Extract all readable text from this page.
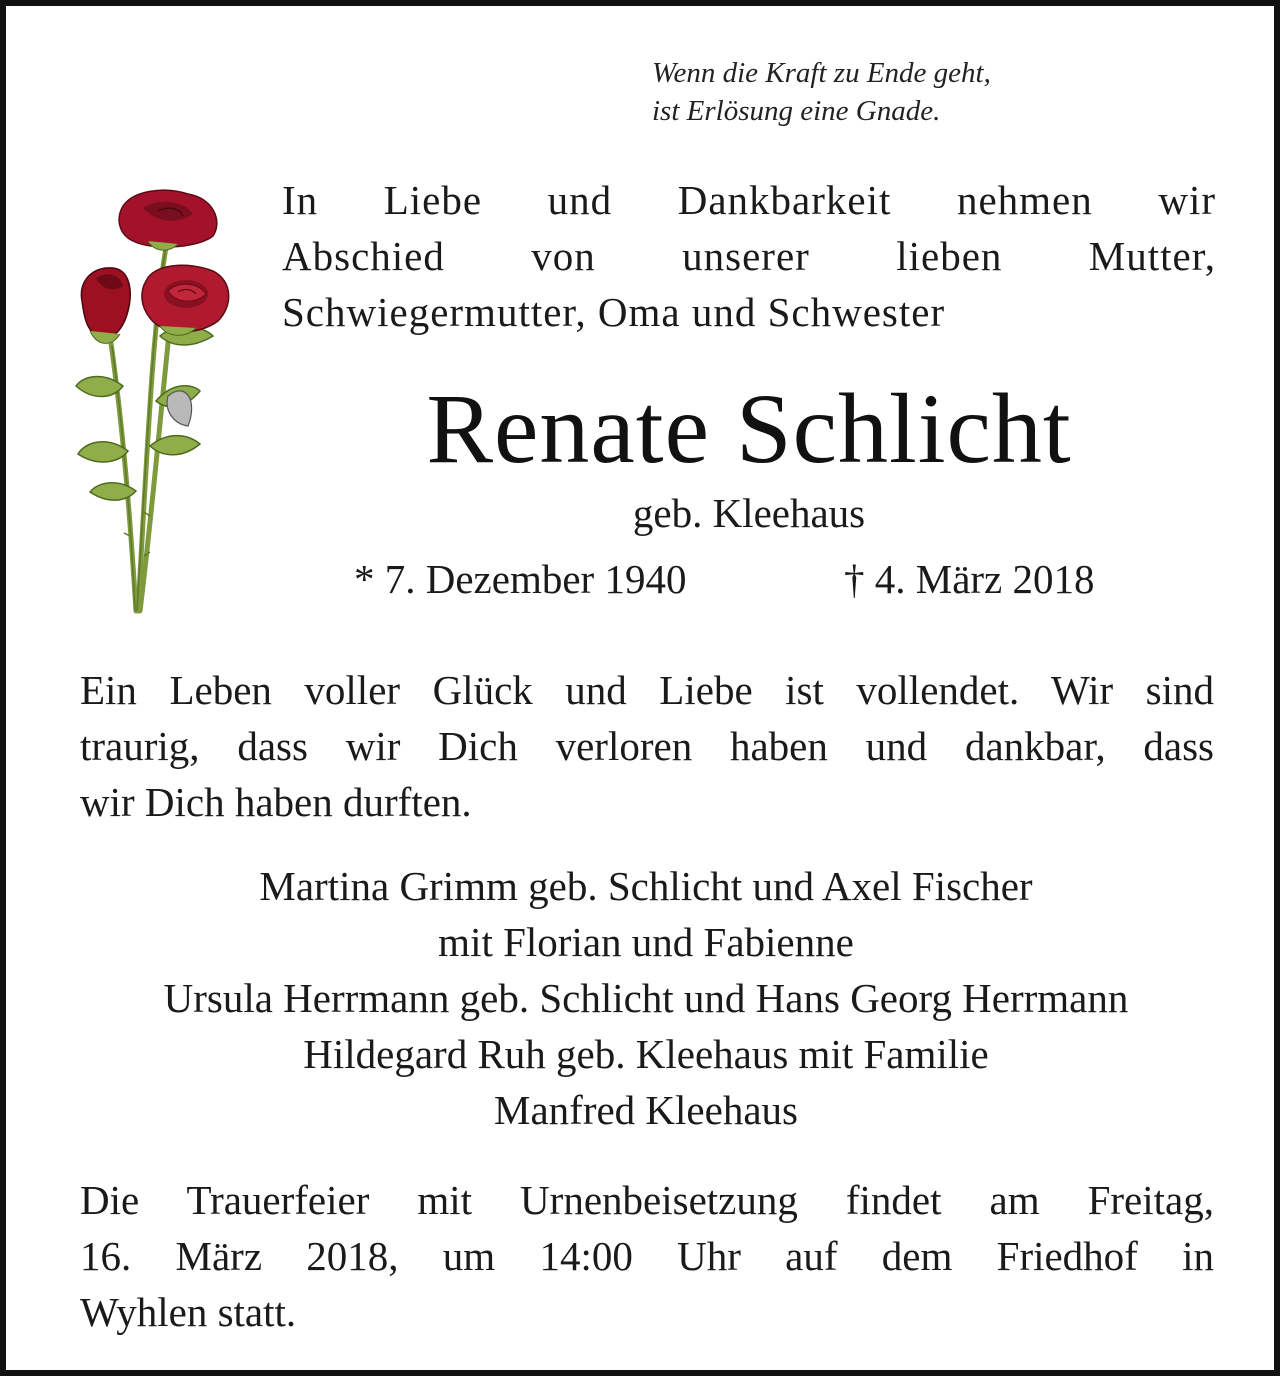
Wenn die Kraft zu Ende geht,
ist Erlösung eine Gnade.
In Liebe und Dankbarkeit nehmen wir
Abschied von unserer lieben Mutter,
Schwiegermutter, Oma und Schwester
Renate Schlicht
geb. Kleehaus
* 7. Dezember 1940	† 4. März 2018
Ein Leben voller Glück und Liebe ist vollendet. Wir sind
traurig, dass wir Dich verloren haben und dankbar, dass
wir Dich haben durften.
Martina Grimm geb. Schlicht und Axel Fischer
mit Florian und Fabienne
Ursula Herrmann geb. Schlicht und Hans Georg Herrmann
Hildegard Ruh geb. Kleehaus mit Familie
Manfred Kleehaus
Die Trauerfeier mit Urnenbeisetzung findet am Freitag,
16. März 2018, um 14:00 Uhr auf dem Friedhof in
Wyhlen statt.
